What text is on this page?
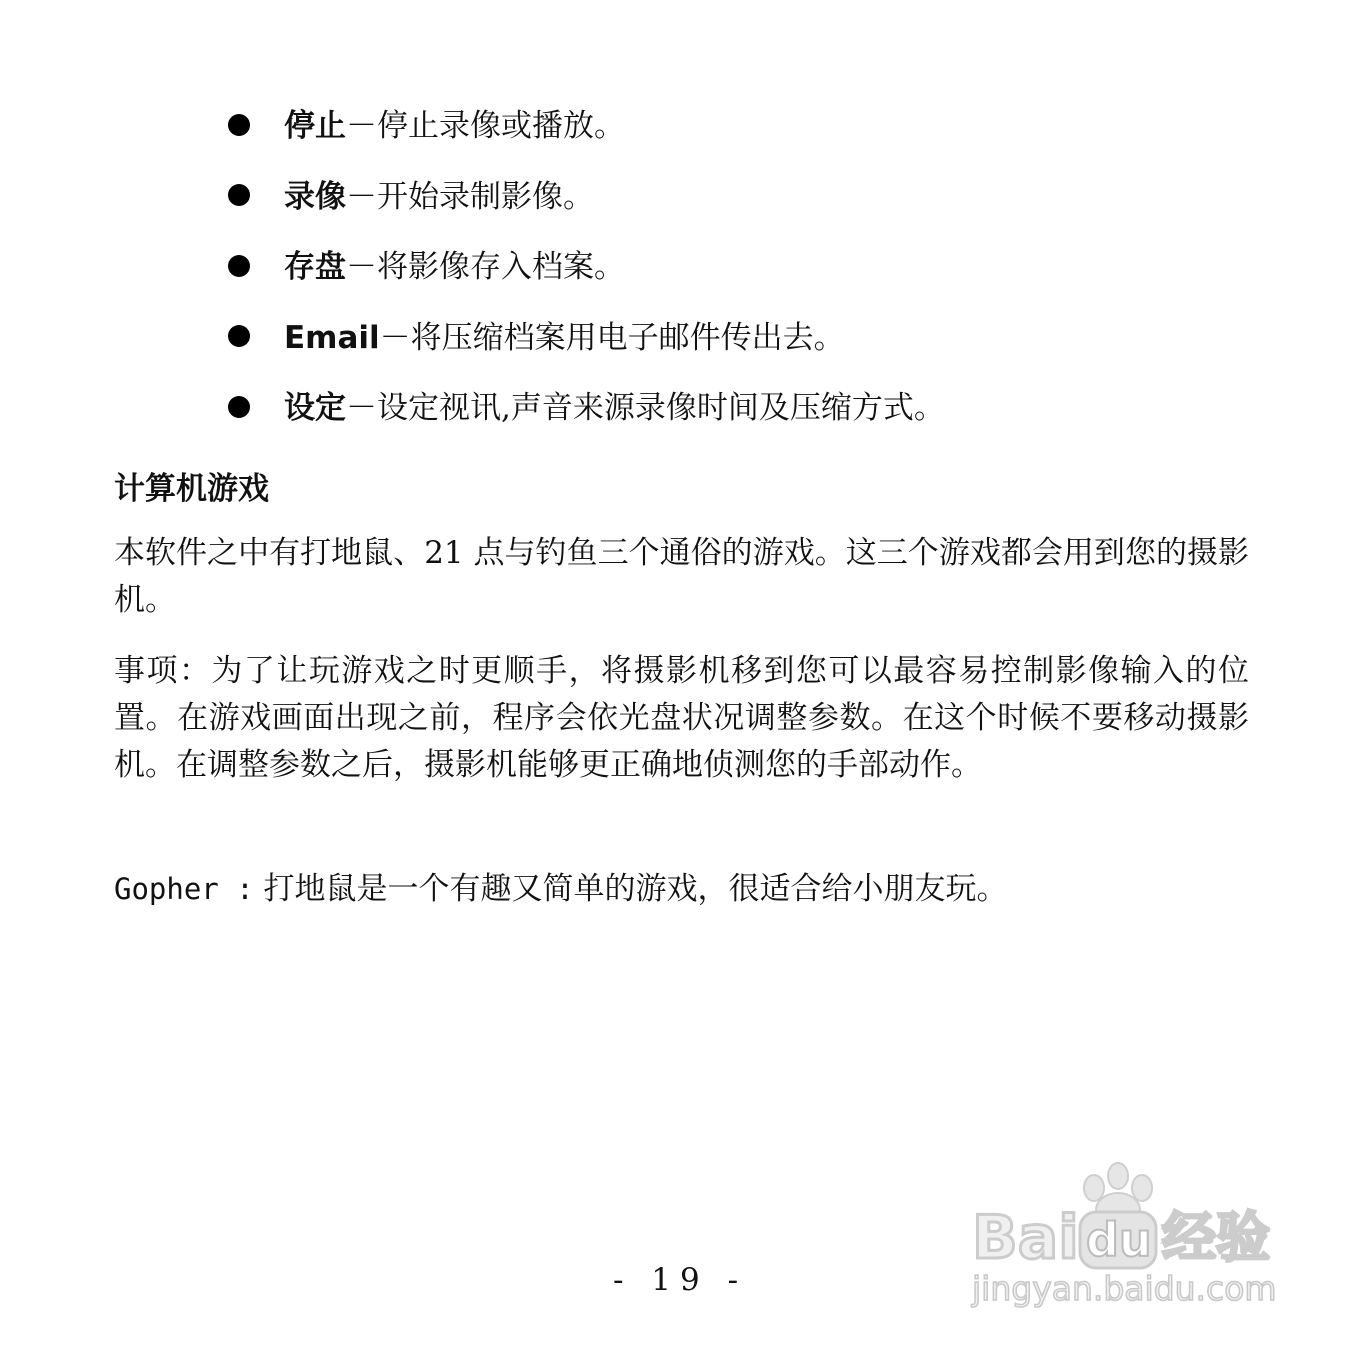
停止－停止录像或播放。
录像－开始录制影像。
存盘－将影像存入档案。
Email－将压缩档案用电子邮件传出去。
设定－设定视讯,声音来源录像时间及压缩方式。
计算机游戏

本软件之中有打地鼠、21 点与钓鱼三个通俗的游戏。这三个游戏都会用到您的摄影机。

事项：为了让玩游戏之时更顺手，将摄影机移到您可以最容易控制影像输入的位置。在游戏画面出现之前，程序会依光盘状况调整参数。在这个时候不要移动摄影机。在调整参数之后，摄影机能够更正确地侦测您的手部动作。

Gopher : 打地鼠是一个有趣又简单的游戏，很适合给小朋友玩。

- 19 -
Bai du 经验
jingyan.baidu.com
